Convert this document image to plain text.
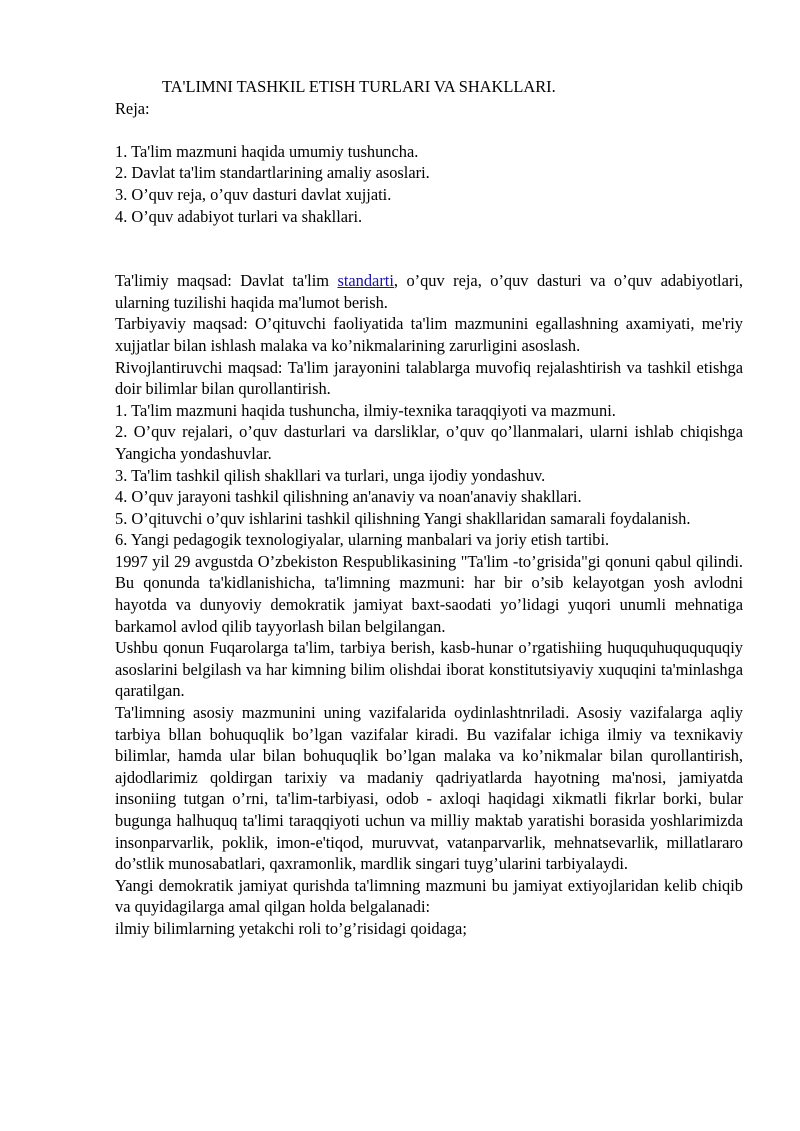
TA'LIMNI TASHKIL ETISH TURLARI VA SHAKLLARI.
Reja:
1. Ta'lim mazmuni haqida umumiy tushuncha.
2. Davlat ta'lim standartlarining amaliy asoslari.
3. O’quv reja, o’quv dasturi davlat xujjati.
4. O’quv adabiyot turlari va shakllari.

Ta'limiy maqsad: Davlat ta'lim standarti, o’quv reja, o’quv dasturi va o’quv adabiyotlari, ularning tuzilishi haqida ma'lumot berish.

Tarbiyaviy maqsad: O’qituvchi faoliyatida ta'lim mazmunini egallashning axamiyati, me'riy xujjatlar bilan ishlash malaka va ko’nikmalarining zarurligini asoslash.

Rivojlantiruvchi maqsad: Ta'lim jarayonini talablarga muvofiq rejalashtirish va tashkil etishga doir bilimlar bilan qurollantirish.

1. Ta'lim mazmuni haqida tushuncha, ilmiy-texnika taraqqiyoti va mazmuni.

2. O’quv rejalari, o’quv dasturlari va darsliklar, o’quv qo’llanmalari, ularni ishlab chiqishga Yangicha yondashuvlar.

3. Ta'lim tashkil qilish shakllari va turlari, unga ijodiy yondashuv.

4. O’quv jarayoni tashkil qilishning an'anaviy va noan'anaviy shakllari.

5. O’qituvchi o’quv ishlarini tashkil qilishning Yangi shakllaridan samarali foydalanish.

6. Yangi pedagogik texnologiyalar, ularning manbalari va joriy etish tartibi.

1997 yil 29 avgustda O’zbekiston Respublikasining "Ta'lim -to’grisida"gi qonuni qabul qilindi. Bu qonunda ta'kidlanishicha, ta'limning mazmuni: har bir o’sib kelayotgan yosh avlodni hayotda va dunyoviy demokratik jamiyat baxt-saodati yo’lidagi yuqori unumli mehnatiga barkamol avlod qilib tayyorlash bilan belgilangan.

Ushbu qonun Fuqarolarga ta'lim, tarbiya berish, kasb-hunar o’rgatishiing huququhuquququqiy asoslarini belgilash va har kimning bilim olishdai iborat konstitutsiyaviy xuquqini ta'minlashga qaratilgan.

Ta'limning asosiy mazmunini uning vazifalarida oydinlashtnriladi. Asosiy vazifalarga aqliy tarbiya bllan bohuquqlik bo’lgan vazifalar kiradi. Bu vazifalar ichiga ilmiy va texnikaviy bilimlar, hamda ular bilan bohuquqlik bo’lgan malaka va ko’nikmalar bilan qurollantirish, ajdodlarimiz qoldirgan tarixiy va madaniy qadriyatlarda hayotning ma'nosi, jamiyatda insoniing tutgan o’rni, ta'lim-tarbiyasi, odob - axloqi haqidagi xikmatli fikrlar borki, bular bugunga halhuquq ta'limi taraqqiyoti uchun va milliy maktab yaratishi borasida yoshlarimizda insonparvarlik, poklik, imon-e'tiqod, muruvvat, vatanparvarlik, mehnatsevarlik, millatlararo do’stlik munosabatlari, qaxramonlik, mardlik singari tuyg’ularini tarbiyalaydi.

Yangi demokratik jamiyat qurishda ta'limning mazmuni bu jamiyat extiyojlaridan kelib chiqib va quyidagilarga amal qilgan holda belgalanadi:

ilmiy bilimlarning yetakchi roli to’g’risidagi qoidaga;
